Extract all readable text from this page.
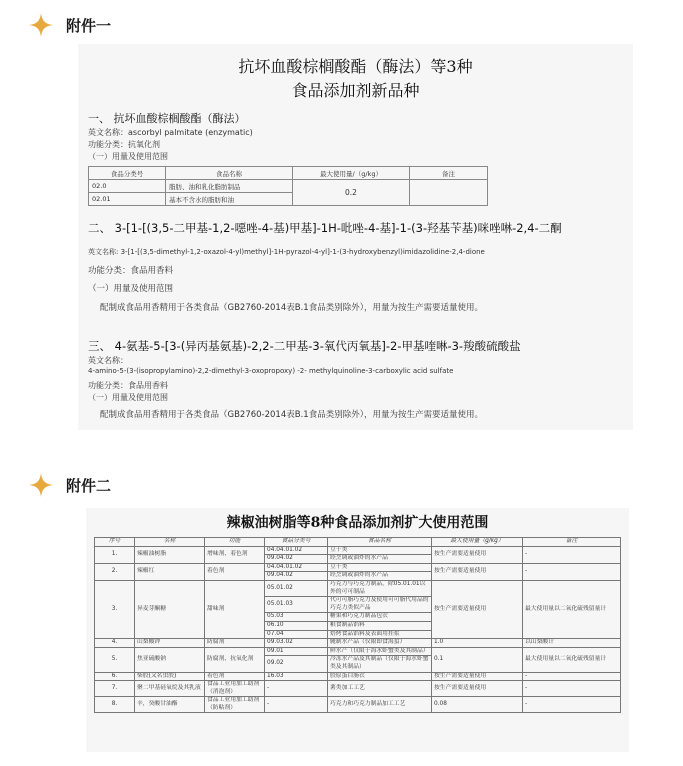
附件一
抗坏血酸棕榈酸酯（酶法）等3种
食品添加剂新品种
一、 抗坏血酸棕榈酸酯（酶法）
英文名称：ascorbyl palmitate (enzymatic)
功能分类：抗氧化剂
（一）用量及使用范围
食品分类号	食品名称	最大使用量/（g/kg）	备注
02.0	脂肪、油和乳化脂肪制品	0.2	
02.01	基本不含水的脂肪和油		
二、 3-[1-[(3,5-二甲基-1,2-噁唑-4-基)甲基]-1H-吡唑-4-基]-1-(3-羟基苄基)咪唑啉-2,4-二酮
英文名称: 3-[1-[(3,5-dimethyl-1,2-oxazol-4-yl)methyl]-1H-pyrazol-4-yl]-1-(3-hydroxybenzyl)imidazolidine-2,4-dione
功能分类：食品用香料
（一）用量及使用范围
配制成食品用香精用于各类食品（GB2760-2014表B.1食品类别除外），用量为按生产需要适量使用。
三、 4-氨基-5-[3-(异丙基氨基)-2,2-二甲基-3-氧代丙氧基]-2-甲基喹啉-3-羧酸硫酸盐
英文名称：
4-amino-5-(3-(isopropylamino)-2,2-dimethyl-3-oxopropoxy) -2- methylquinoline-3-carboxylic acid sulfate
功能分类：食品用香料
（一）用量及使用范围
配制成食品用香精用于各类食品（GB2760-2014表B.1食品类别除外），用量为按生产需要适量使用。
附件二
辣椒油树脂等8种食品添加剂扩大使用范围
序号	名称	功能	食品分类号	食品名称	最大使用量（g/kg）	备注
1.	辣椒油树脂	增味剂、着色剂	04.04.01.02	豆干类	按生产需要适量使用	-
			09.04.02	经烹调或油炸的水产品		
2.	辣椒红	着色剂	04.04.01.02	豆干类	按生产需要适量使用	-
			09.04.02	经烹调或油炸的水产品		
3.	异麦芽酮糖	甜味剂	05.01.02	巧克力与巧克力制品，除05.01.01以外的可可制品	按生产需要适量使用	最大使用量以二氧化硫残留量计
			05.01.03	代可可脂巧克力及使用可可脂代用品的巧克力类似产品		
			05.03	糖果和巧克力制品包衣		
			06.10	粮食制品馅料		
			07.04	焙烤食品馅料及表面用挂浆		
4.	山梨酸钾	防腐剂	09.03.02	腌制水产品（仅限即食海蜇）	1.0	以山梨酸计
5.	焦亚硫酸钠	防腐剂、抗氧化剂	09.01	鲜水产（仅限于海水虾蟹类及其制品）	0.1	最大使用量以二氧化硫残留量计
			09.02	冷冻水产品及其制品（仅限于海水虾蟹类及其制品）		
6.	柴胶(又名虫胶)	着色剂	16.03	胶原蛋白肠衣	按生产需要适量使用	-
7.	聚二甲基硅氧烷及其乳液	食品工业用加工助剂（消泡剂）	-	薯类加工工艺	按生产需要适量使用	-
8.	辛，癸酸甘油酯	食品工业用加工助剂（防粘剂）	-	巧克力和巧克力制品加工工艺	0.08	-
